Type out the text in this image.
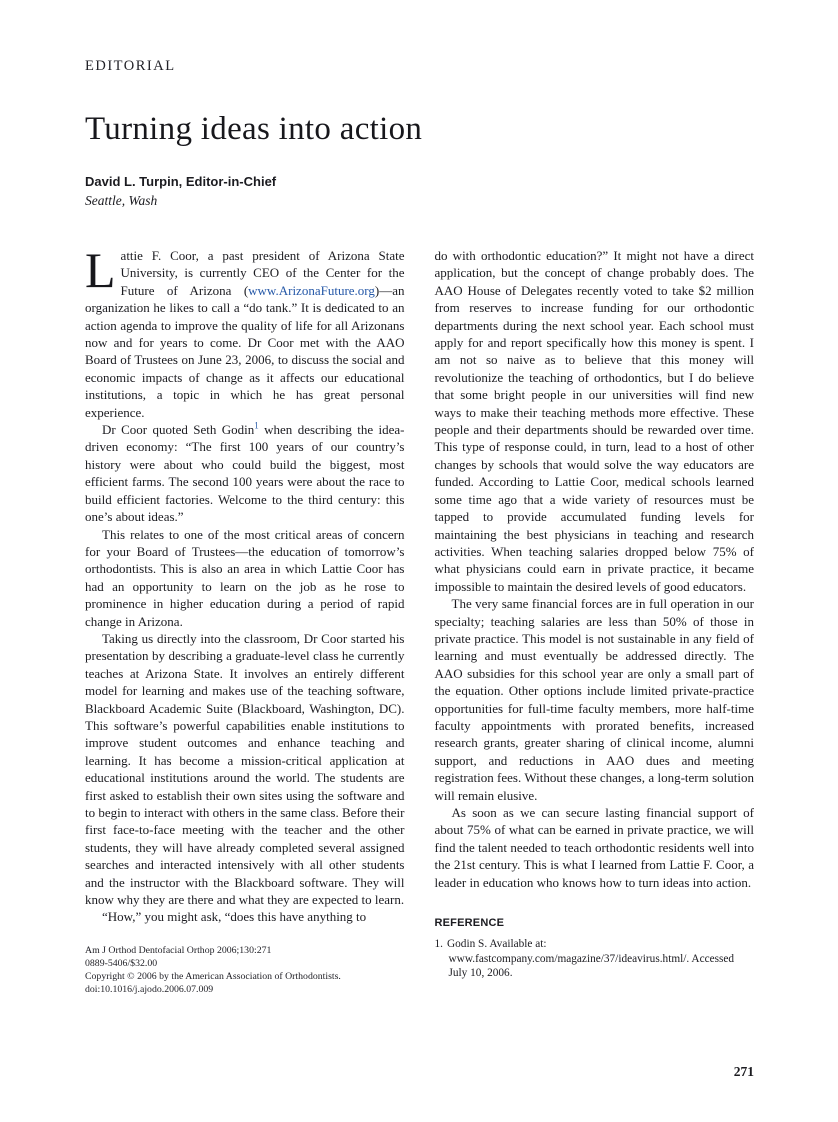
EDITORIAL
Turning ideas into action
David L. Turpin, Editor-in-Chief
Seattle, Wash

Lattie F. Coor, a past president of Arizona State University, is currently CEO of the Center for the Future of Arizona (www.ArizonaFuture.org)—an organization he likes to call a “do tank.” It is dedicated to an action agenda to improve the quality of life for all Arizonans now and for years to come. Dr Coor met with the AAO Board of Trustees on June 23, 2006, to discuss the social and economic impacts of change as it affects our educational institutions, a topic in which he has great personal experience.

Dr Coor quoted Seth Godin$^1$ when describing the idea-driven economy: “The first 100 years of our country’s history were about who could build the biggest, most efficient farms. The second 100 years were about the race to build efficient factories. Welcome to the third century: this one’s about ideas.”

This relates to one of the most critical areas of concern for your Board of Trustees—the education of tomorrow’s orthodontists. This is also an area in which Lattie Coor has had an opportunity to learn on the job as he rose to prominence in higher education during a period of rapid change in Arizona.

Taking us directly into the classroom, Dr Coor started his presentation by describing a graduate-level class he currently teaches at Arizona State. It involves an entirely different model for learning and makes use of the teaching software, Blackboard Academic Suite (Blackboard, Washington, DC). This software’s powerful capabilities enable institutions to improve student outcomes and enhance teaching and learning. It has become a mission-critical application at educational institutions around the world. The students are first asked to establish their own sites using the software and to begin to interact with others in the same class. Before their first face-to-face meeting with the teacher and the other students, they will have already completed several assigned searches and interacted intensively with all other students and the instructor with the Blackboard software. They will know why they are there and what they are expected to learn.

“How,” you might ask, “does this have anything to

Am J Orthod Dentofacial Orthop 2006;130:271
0889-5406/$32.00
Copyright © 2006 by the American Association of Orthodontists.
doi:10.1016/j.ajodo.2006.07.009

do with orthodontic education?” It might not have a direct application, but the concept of change probably does. The AAO House of Delegates recently voted to take $2 million from reserves to increase funding for our orthodontic departments during the next school year. Each school must apply for and report specifically how this money is spent. I am not so naive as to believe that this money will revolutionize the teaching of orthodontics, but I do believe that some bright people in our universities will find new ways to make their teaching methods more effective. These people and their departments should be rewarded over time. This type of response could, in turn, lead to a host of other changes by schools that would solve the way educators are funded. According to Lattie Coor, medical schools learned some time ago that a wide variety of resources must be tapped to provide accumulated funding levels for maintaining the best physicians in teaching and research activities. When teaching salaries dropped below 75% of what physicians could earn in private practice, it became impossible to maintain the desired levels of good educators.

The very same financial forces are in full operation in our specialty; teaching salaries are less than 50% of those in private practice. This model is not sustainable in any field of learning and must eventually be addressed directly. The AAO subsidies for this school year are only a small part of the equation. Other options include limited private-practice opportunities for full-time faculty members, more half-time faculty appointments with prorated benefits, increased research grants, greater sharing of clinical income, alumni support, and reductions in AAO dues and meeting registration fees. Without these changes, a long-term solution will remain elusive.

As soon as we can secure lasting financial support of about 75% of what can be earned in private practice, we will find the talent needed to teach orthodontic residents well into the 21st century. This is what I learned from Lattie F. Coor, a leader in education who knows how to turn ideas into action.

REFERENCE
1. Godin S. Available at: www.fastcompany.com/magazine/37/ideavirus.html/. Accessed July 10, 2006.
271
